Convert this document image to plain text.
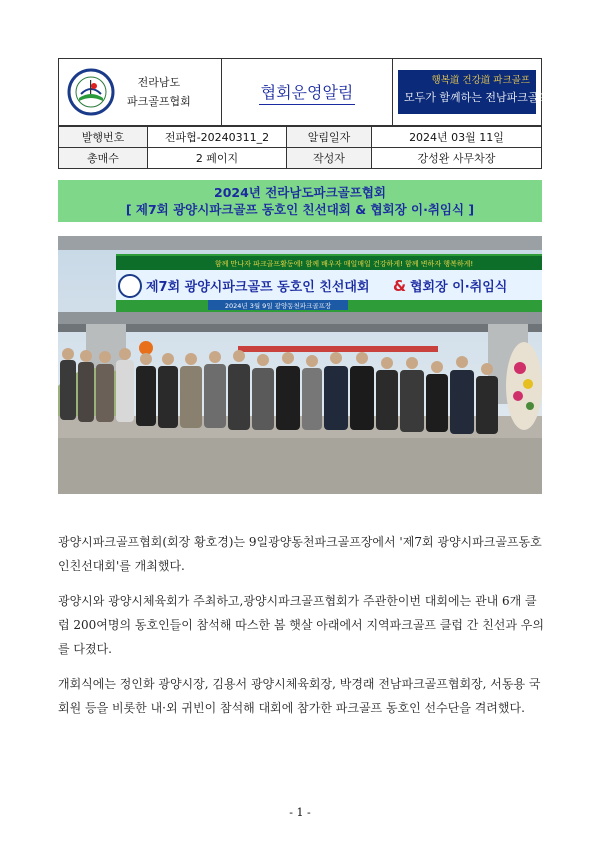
전라남도
파크골프협회	협회운영알림
행복道 건강道 파크골프
모두가 함께하는 전남파크골프협회
발행번호	전파협-20240311_2	알림일자	2024년 03월 11일
총매수	2 페이지	작성자	강성완 사무차장
2024년 전라남도파크골프협회
[ 제7회 광양시파크골프 동호인 친선대회 & 협회장 이·취임식 ]
함께 만나자 파크골프활동에! 함께 배우자 매일매일 건강하게! 함께 변하자 행복하게!
제7회 광양시파크골프 동호인 친선대회 & 협회장 이·취임식
2024년 3월 9일 광양동천파크골프장

광양시파크골프협회(회장 황호경)는 9일광양동천파크골프장에서 '제7회 광양시파크골프동호인친선대회'를 개최했다.

광양시와 광양시체육회가 주최하고,광양시파크골프협회가 주관한이번 대회에는 관내 6개 클럽 200여명의 동호인들이 참석해 따스한 봄 햇살 아래에서 지역파크골프 클럽 간 친선과 우의를 다졌다.

개회식에는 정인화 광양시장, 김용서 광양시체육회장, 박경래 전남파크골프협회장, 서동용 국회원 등을 비롯한 내·외 귀빈이 참석해 대회에 참가한 파크골프 동호인 선수단을 격려했다.

- 1 -
